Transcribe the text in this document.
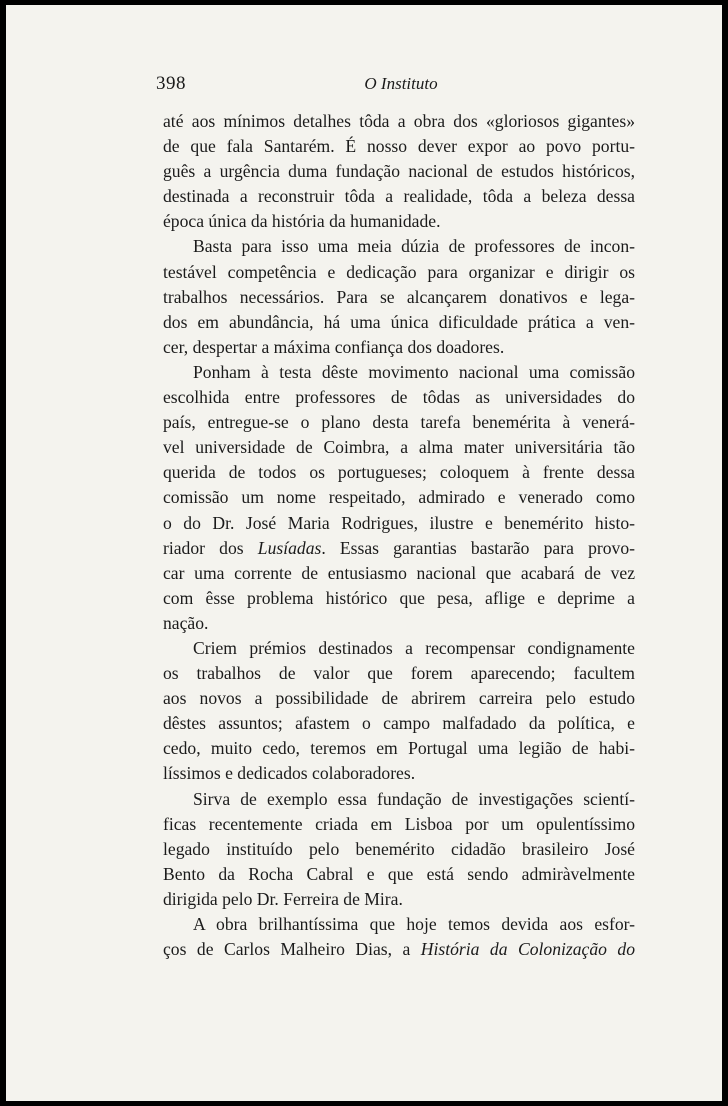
398	O Instituto
até aos mínimos detalhes tôda a obra dos «gloriosos gigantes»
de que fala Santarém. É nosso dever expor ao povo portu-
guês a urgência duma fundação nacional de estudos históricos,
destinada a reconstruir tôda a realidade, tôda a beleza dessa
época única da história da humanidade.
Basta para isso uma meia dúzia de professores de incon-
testável competência e dedicação para organizar e dirigir os
trabalhos necessários. Para se alcançarem donativos e lega-
dos em abundância, há uma única dificuldade prática a ven-
cer, despertar a máxima confiança dos doadores.
Ponham à testa dêste movimento nacional uma comissão
escolhida entre professores de tôdas as universidades do
país, entregue-se o plano desta tarefa benemérita à venerá-
vel universidade de Coimbra, a alma mater universitária tão
querida de todos os portugueses; coloquem à frente dessa
comissão um nome respeitado, admirado e venerado como
o do Dr. José Maria Rodrigues, ilustre e benemérito histo-
riador dos Lusíadas. Essas garantias bastarão para provo-
car uma corrente de entusiasmo nacional que acabará de vez
com êsse problema histórico que pesa, aflige e deprime a
nação.
Criem prémios destinados a recompensar condignamente
os trabalhos de valor que forem aparecendo; facultem
aos novos a possibilidade de abrirem carreira pelo estudo
dêstes assuntos; afastem o campo malfadado da política, e
cedo, muito cedo, teremos em Portugal uma legião de habi-
líssimos e dedicados colaboradores.
Sirva de exemplo essa fundação de investigações scientí-
ficas recentemente criada em Lisboa por um opulentíssimo
legado instituído pelo benemérito cidadão brasileiro José
Bento da Rocha Cabral e que está sendo admiràvelmente
dirigida pelo Dr. Ferreira de Mira.
A obra brilhantíssima que hoje temos devida aos esfor-
ços de Carlos Malheiro Dias, a História da Colonização do
